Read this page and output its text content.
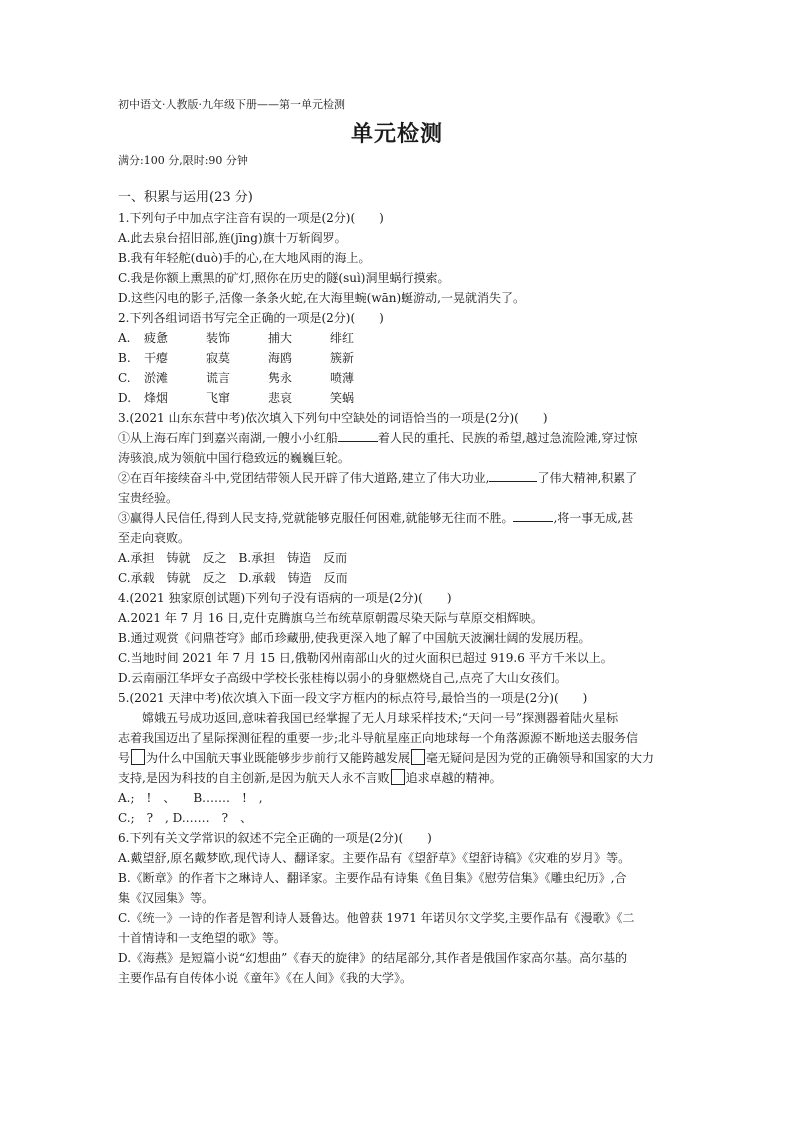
初中语文·人教版·九年级下册——第一单元检测
单元检测
满分:100 分,限时:90 分钟
一、积累与运用(23 分)
1.下列句子中加点字注音有误的一项是(2分)(　　)
A.此去泉台招旧部,旌(jīng)旗十万斩阎罗。
B.我有年轻舵(duò)手的心,在大地风雨的海上。
C.我是你额上熏黑的矿灯,照你在历史的隧(suì)洞里蜗行摸索。
D.这些闪电的影子,活像一条条火蛇,在大海里蜿(wān)蜒游动,一晃就消失了。
2.下列各组词语书写完全正确的一项是(2分)(　　)
A.	疲惫	装饰	捕大	绯红
B.	干瘪	寂莫	海鸥	簇新
C.	淤滩	谎言	隽永	喷薄
D.	烽烟	飞窜	悲哀	笑蜗
3.(2021 山东东营中考)依次填入下列句中空缺处的词语恰当的一项是(2分)(　　)
①从上海石库门到嘉兴南湖,一艘小小红船	着人民的重托、民族的希望,越过急流险滩,穿过惊
涛骇浪,成为领航中国行稳致远的巍巍巨轮。
②在百年接续奋斗中,党团结带领人民开辟了伟大道路,建立了伟大功业,	了伟大精神,积累了
宝贵经验。
③赢得人民信任,得到人民支持,党就能够克服任何困难,就能够无往而不胜。	,将一事无成,甚
至走向衰败。
A.承担　铸就　反之　B.承担　铸造　反而
C.承载　铸就　反之　D.承载　铸造　反而
4.(2021 独家原创试题)下列句子没有语病的一项是(2分)(　　)
A.2021 年 7 月 16 日,克什克腾旗乌兰布统草原朝霞尽染天际与草原交相辉映。
B.通过观赏《问鼎苍穹》邮币珍藏册,使我更深入地了解了中国航天波澜壮阔的发展历程。
C.当地时间 2021 年 7 月 15 日,俄勒冈州南部山火的过火面积已超过 919.6 平方千米以上。
D.云南丽江华坪女子高级中学校长张桂梅以弱小的身躯燃烧自己,点亮了大山女孩们。
5.(2021 天津中考)依次填入下面一段文字方框内的标点符号,最恰当的一项是(2分)(　　)
嫦娥五号成功返回,意味着我国已经掌握了无人月球采样技术;“天问一号”探测器着陆火星标
志着我国迈出了星际探测征程的重要一步;北斗导航星座正向地球每一个角落源源不断地送去服务信
号 为什么中国航天事业既能够步步前行又能跨越发展 毫无疑问是因为党的正确领导和国家的大力
支持,是因为科技的自主创新,是因为航天人永不言败 追求卓越的精神。
A.;　!　、　　B.……　!　,
C.;　?　, D.……　?　、
6.下列有关文学常识的叙述不完全正确的一项是(2分)(　　)
A.戴望舒,原名戴梦欧,现代诗人、翻译家。主要作品有《望舒草》《望舒诗稿》《灾难的岁月》等。
B.《断章》的作者卞之琳诗人、翻译家。主要作品有诗集《鱼目集》《慰劳信集》《雕虫纪历》,合
集《汉园集》等。
C.《统一》一诗的作者是智利诗人聂鲁达。他曾获 1971 年诺贝尔文学奖,主要作品有《漫歌》《二
十首情诗和一支绝望的歌》等。
D.《海燕》是短篇小说“幻想曲”《春天的旋律》的结尾部分,其作者是俄国作家高尔基。高尔基的
主要作品有自传体小说《童年》《在人间》《我的大学》。
